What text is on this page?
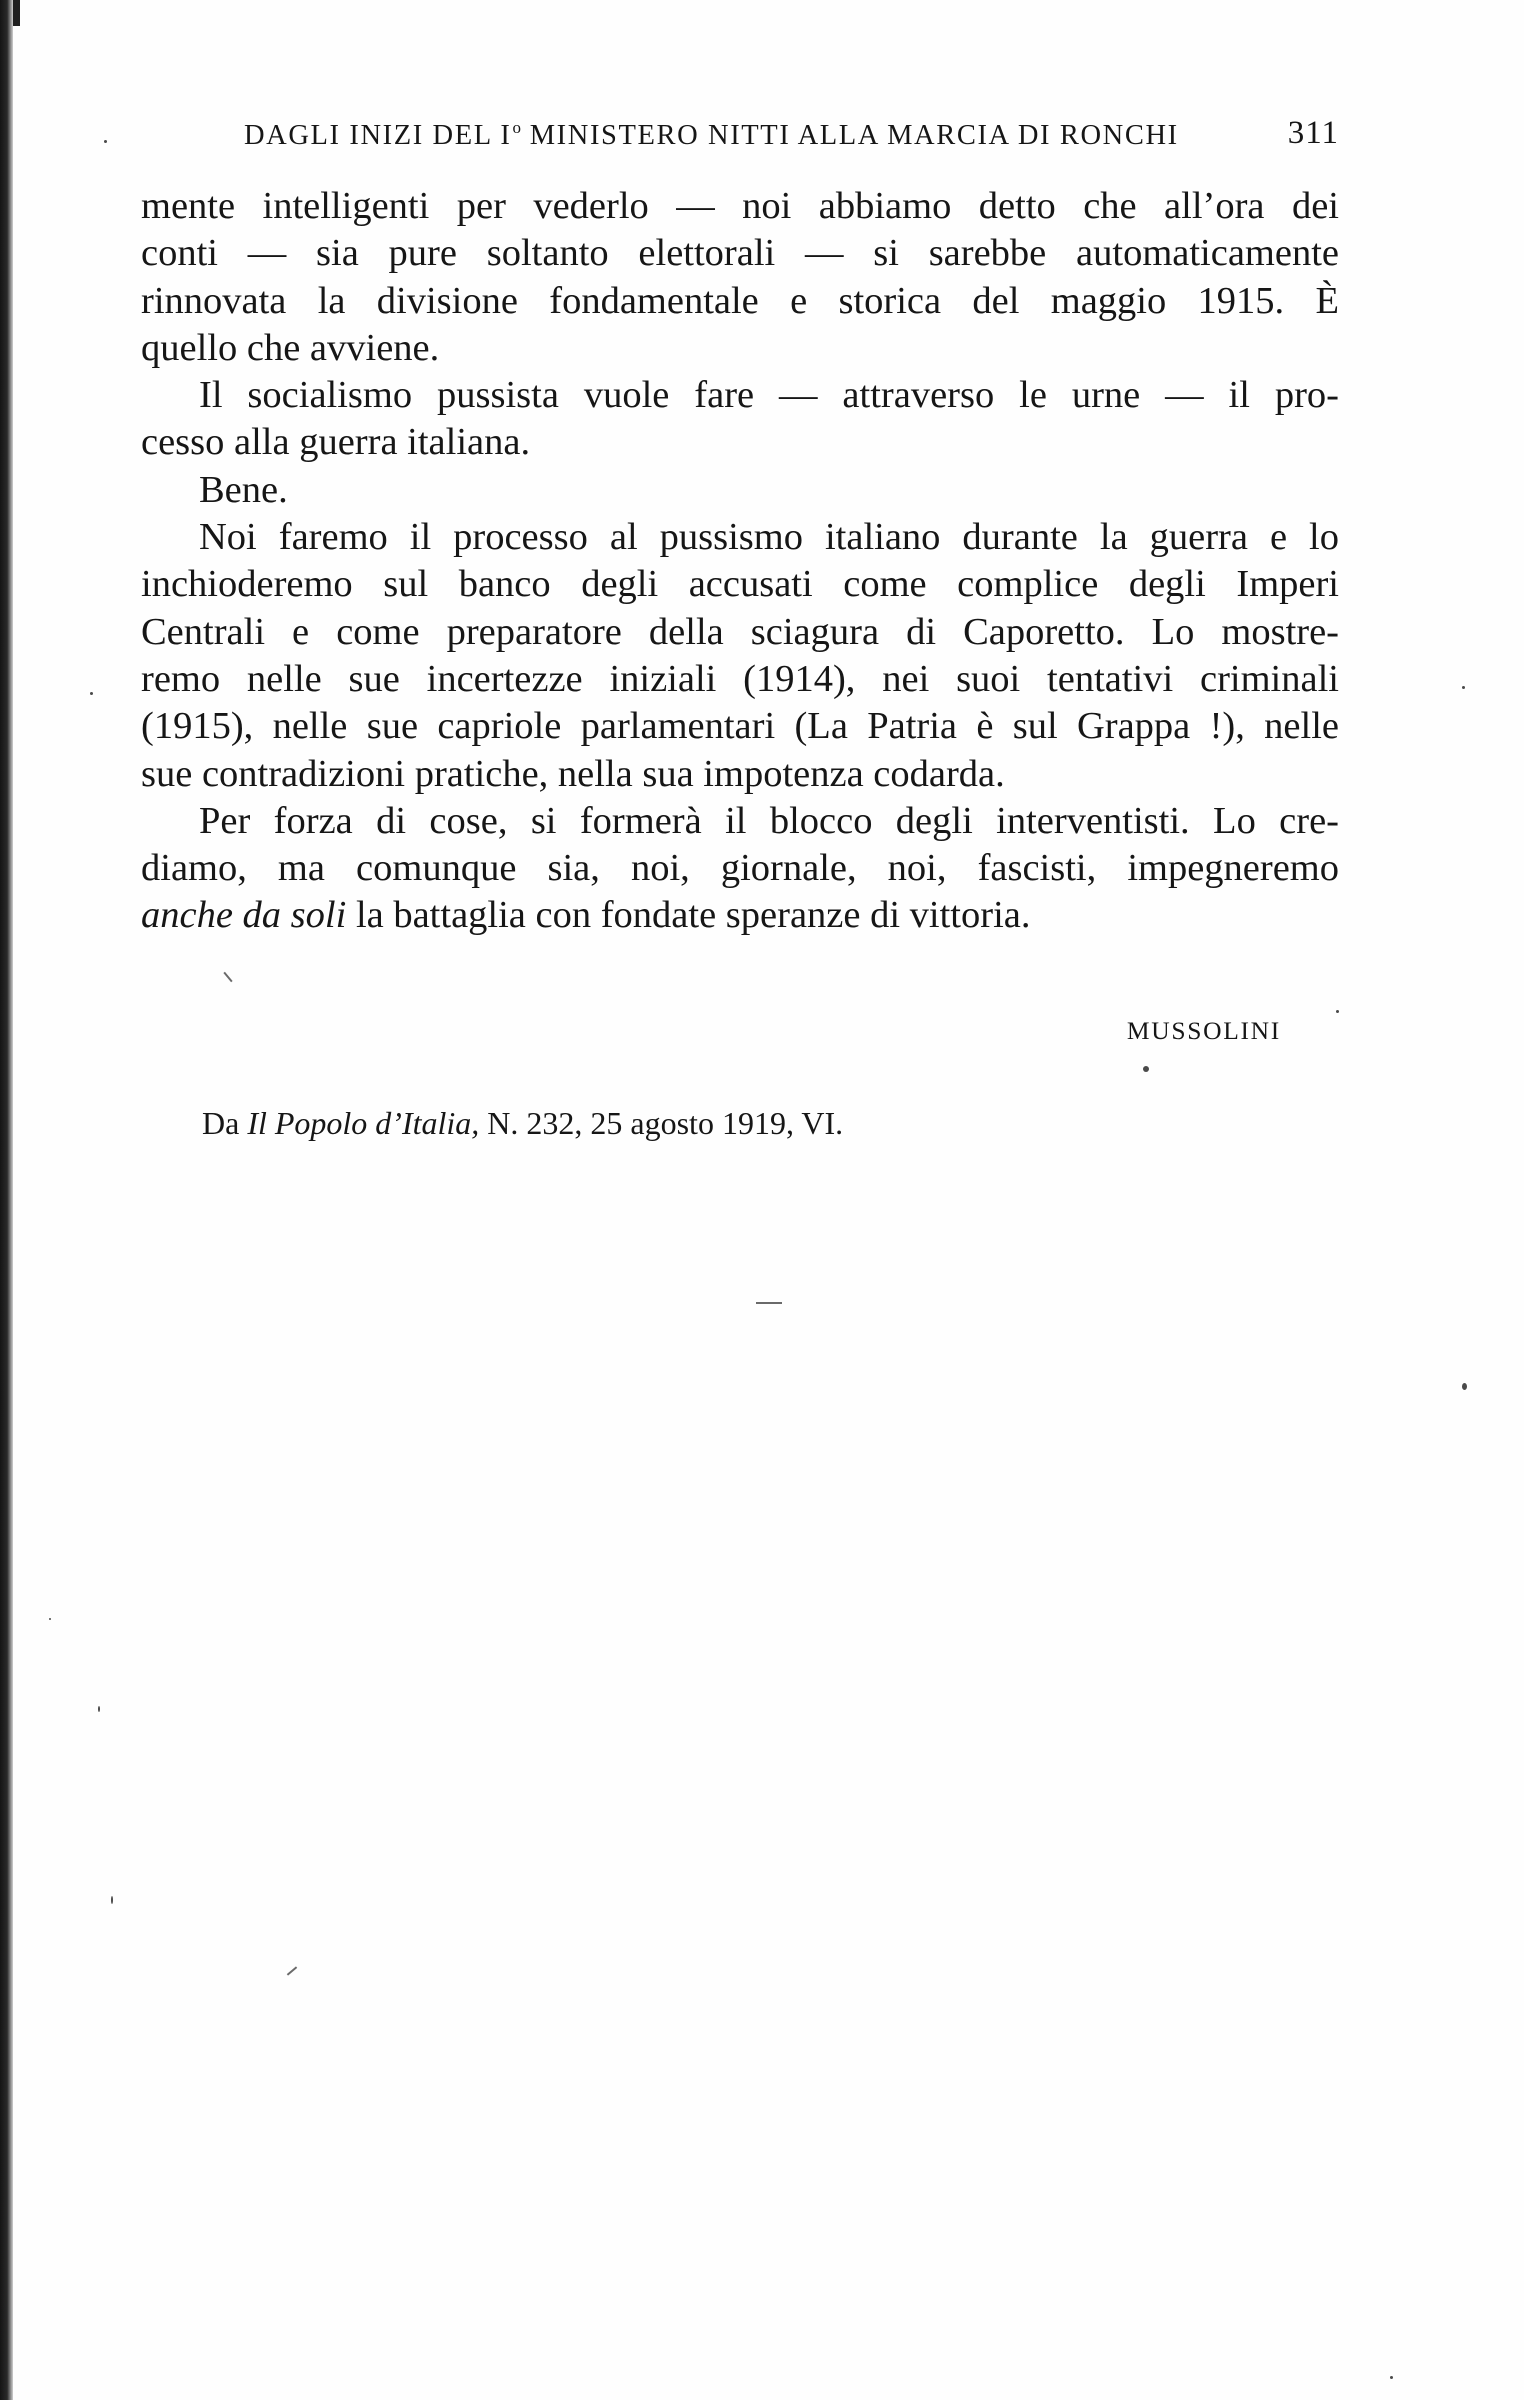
DAGLI INIZI DEL $I^o$ MINISTERO NITTI ALLA MARCIA DI RONCHI	311

mente intelligenti per vederlo — noi abbiamo detto che all’ora dei
conti — sia pure soltanto elettorali — si sarebbe automaticamente
rinnovata la divisione fondamentale e storica del maggio 1915. È
quello che avviene.

Il socialismo pussista vuole fare — attraverso le urne — il pro-
cesso alla guerra italiana.

Bene.

Noi faremo il processo al pussismo italiano durante la guerra e lo
inchioderemo sul banco degli accusati come complice degli Imperi
Centrali e come preparatore della sciagura di Caporetto. Lo mostre-
remo nelle sue incertezze iniziali (1914), nei suoi tentativi criminali
(1915), nelle sue capriole parlamentari (La Patria è sul Grappa !), nelle
sue contradizioni pratiche, nella sua impotenza codarda.

Per forza di cose, si formerà il blocco degli interventisti. Lo cre-
diamo, ma comunque sia, noi, giornale, noi, fascisti, impegneremo
anche da soli la battaglia con fondate speranze di vittoria.

MUSSOLINI
Da Il Popolo d’Italia, N. 232, 25 agosto 1919, VI.
